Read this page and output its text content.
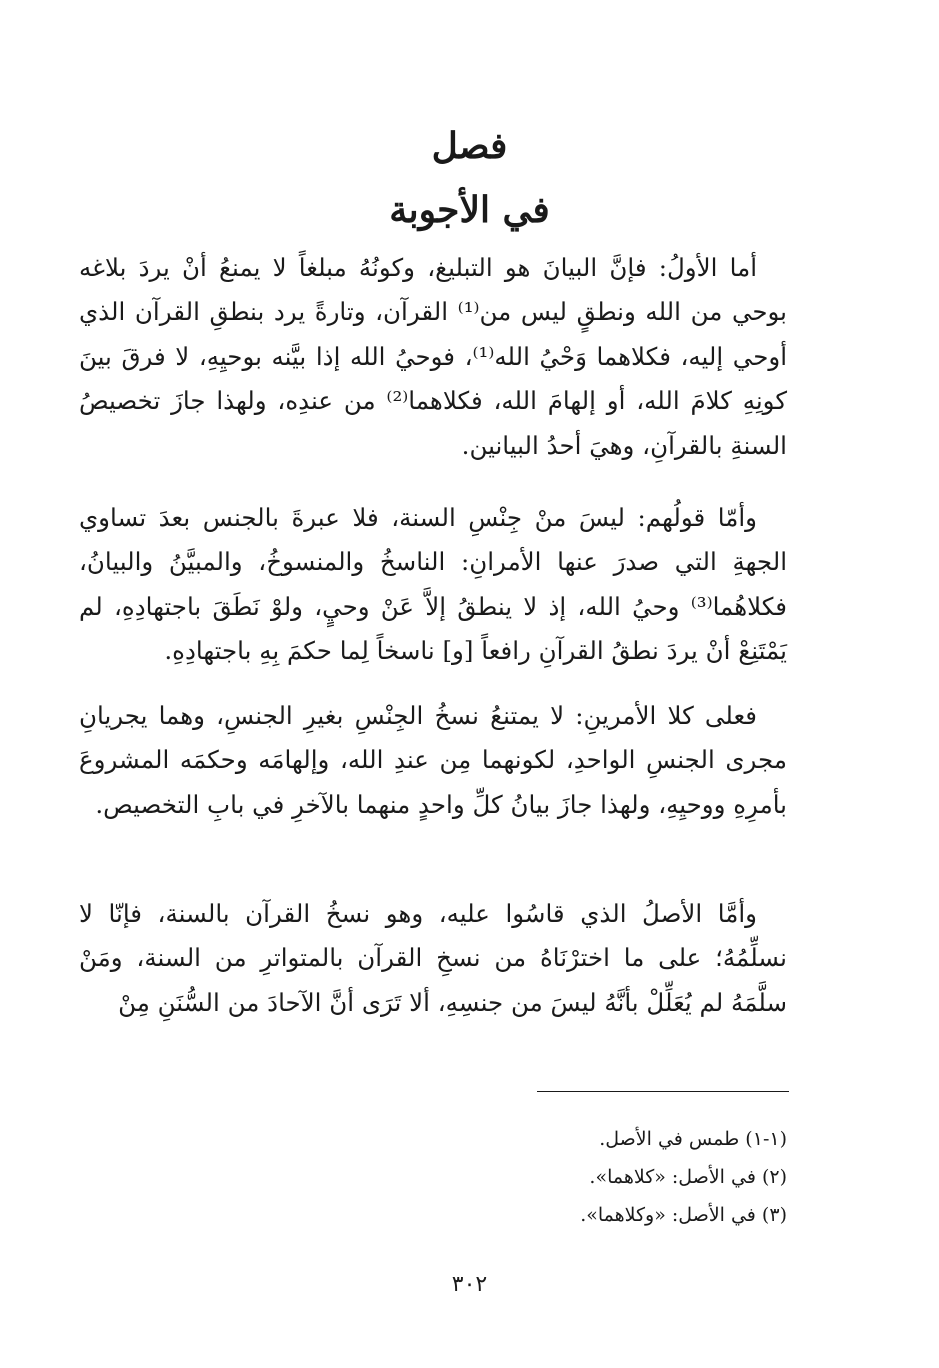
فصل
في الأجوبة

أما الأولُ: فإنَّ البيانَ هو التبليغ، وكونُهُ مبلغاً لا يمنعُ أنْ يردَ بلاغه بوحي من الله ونطقٍ ليس من⁽¹⁾ القرآن، وتارةً يرد بنطقِ القرآن الذي أوحي إليه، فكلاهما وَحْيُ الله⁽¹⁾، فوحيُ الله إذا بيَّنه بوحيِهِ، لا فرقَ بينَ كونِهِ كلامَ الله، أو إلهامَ الله، فكلاهما⁽²⁾ من عندِه، ولهذا جازَ تخصيصُ السنةِ بالقرآنِ، وهيَ أحدُ البيانين.

وأمّا قولُهم: ليسَ منْ جِنْسِ السنة، فلا عبرةَ بالجنس بعدَ تساوي الجهةِ التي صدرَ عنها الأمرانِ: الناسخُ والمنسوخُ، والمبيَّنُ والبيانُ، فكلاهُما⁽³⁾ وحيُ الله، إذ لا ينطقُ إلاَّ عَنْ وحيٍ، ولوْ نَطَقَ باجتهادِهِ، لم يَمْتَنِعْ أنْ يردَ نطقُ القرآنِ رافعاً [و] ناسخاً لِما حكمَ بِهِ باجتهادِهِ.

فعلى كلا الأمرينِ: لا يمتنعُ نسخُ الجِنْسِ بغيرِ الجنسِ، وهما يجريانِ مجرى الجنسِ الواحدِ، لكونهما مِن عندِ الله، وإلهامَه وحكمَه المشروعَ بأمرِهِ ووحيِهِ، ولهذا جازَ بيانُ كلِّ واحدٍ منهما بالآخرِ في بابِ التخصيص.

وأمَّا الأصلُ الذي قاسُوا عليه، وهو نسخُ القرآن بالسنة، فإنّا لا نسلِّمُهُ؛ على ما اخترْنَاهُ من نسخِ القرآن بالمتواترِ من السنة، ومَنْ سلَّمَهُ لم يُعَلِّلْ بأنَّهُ ليسَ من جنسِهِ، ألا تَرَى أنَّ الآحادَ من السُّنَنِ مِنْ

(١-١) طمس في الأصل.
(٢) في الأصل: «كلاهما».
(٣) في الأصل: «وكلاهما».
٣٠٢
